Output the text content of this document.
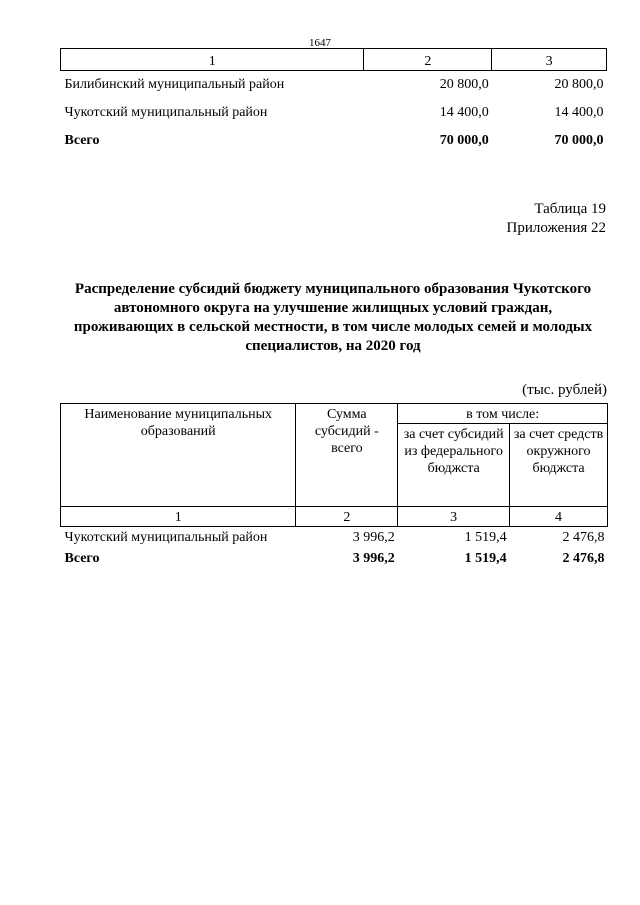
1647
1	2	3
Билибинский муниципальный район	20 800,0	20 800,0
Чукотский муниципальный район	14 400,0	14 400,0
Всего	70 000,0	70 000,0
Таблица 19
Приложения 22
Распределение субсидий бюджету муниципального образования Чукотского
автономного округа на улучшение жилищных условий граждан,
проживающих в сельской местности, в том числе молодых семей и молодых
специалистов, на 2020 год
(тыс. рублей)
Наименование муниципальных образований	Сумма субсидий - всего	в том числе:	
		за счет субсидий из федерального бюджста	за счет средств окружного бюджста
1	2	3	4
Чукотский муниципальный район	3 996,2	1 519,4	2 476,8
Всего	3 996,2	1 519,4	2 476,8
